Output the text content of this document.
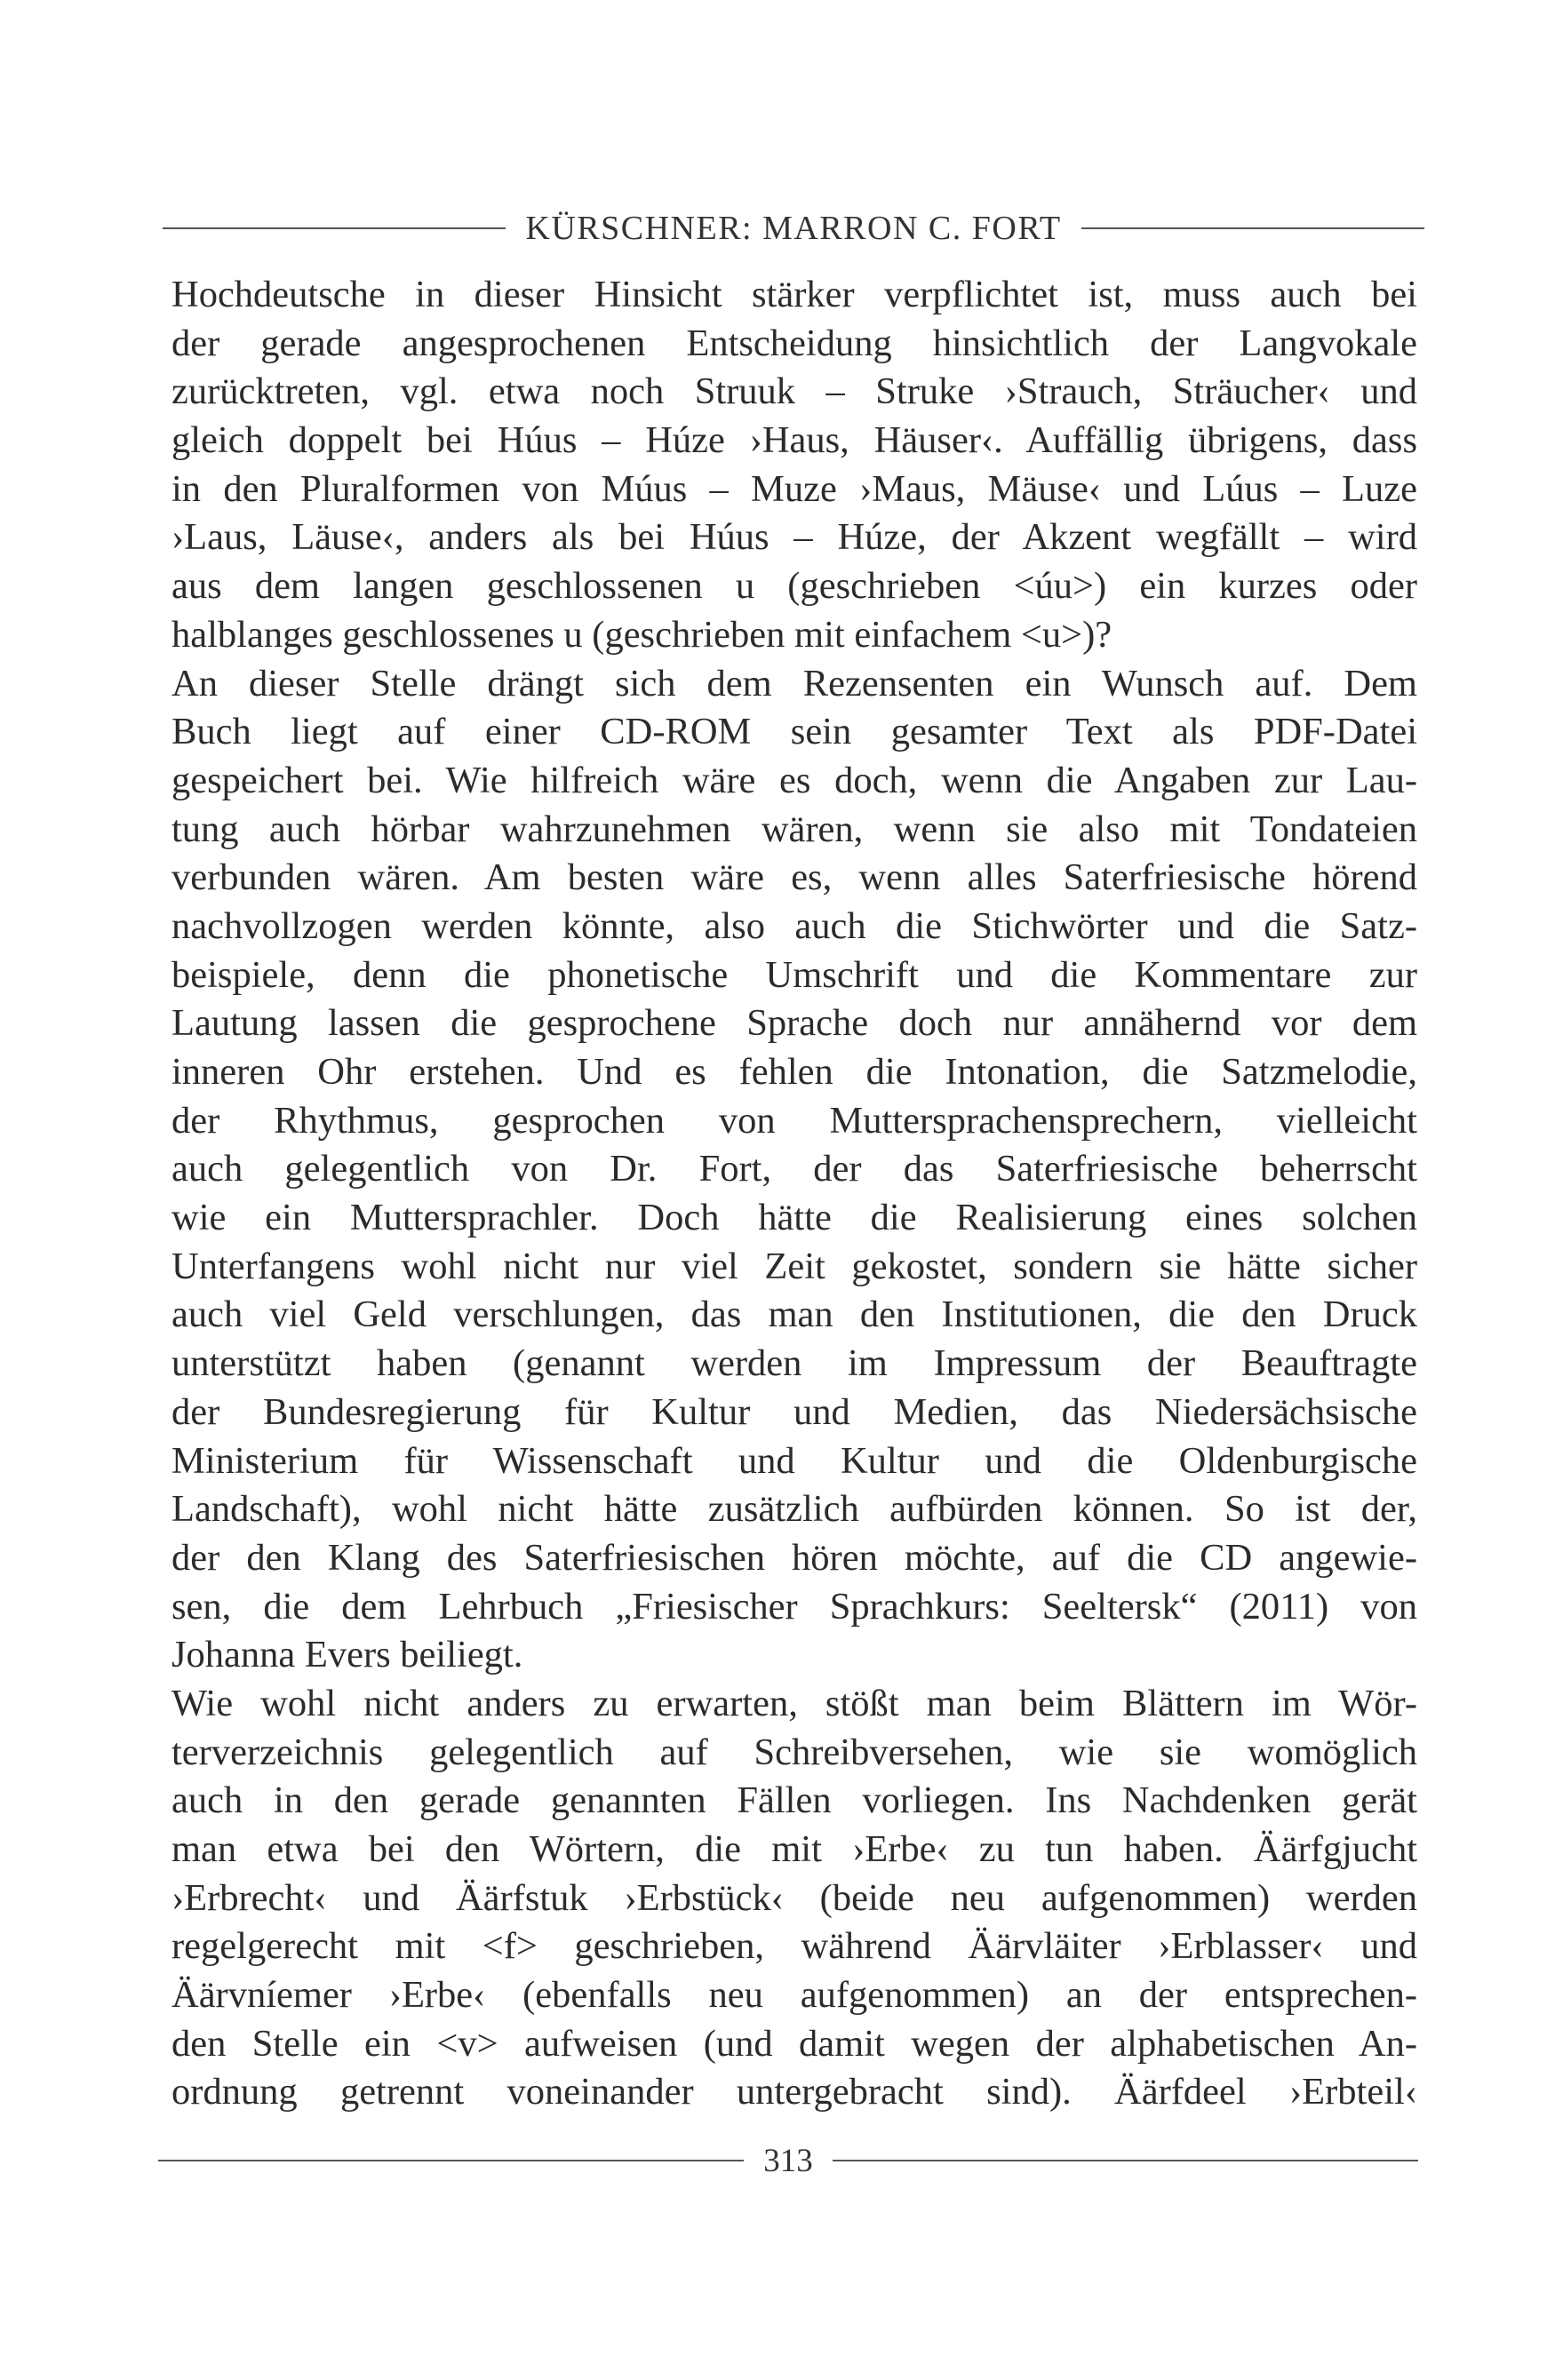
KÜRSCHNER: MARRON C. FORT
Hochdeutsche in dieser Hinsicht stärker verpflichtet ist, muss auch bei
der gerade angesprochenen Entscheidung hinsichtlich der Langvokale
zurücktreten, vgl. etwa noch Struuk – Struke ›Strauch, Sträucher‹ und
gleich doppelt bei Húus – Húze ›Haus, Häuser‹. Auffällig übrigens, dass
in den Pluralformen von Múus – Muze ›Maus, Mäuse‹ und Lúus – Luze
›Laus, Läuse‹, anders als bei Húus – Húze, der Akzent wegfällt – wird
aus dem langen geschlossenen u (geschrieben <úu>) ein kurzes oder
halblanges geschlossenes u (geschrieben mit einfachem <u>)?
An dieser Stelle drängt sich dem Rezensenten ein Wunsch auf. Dem
Buch liegt auf einer CD-ROM sein gesamter Text als PDF-Datei
gespeichert bei. Wie hilfreich wäre es doch, wenn die Angaben zur Lau-
tung auch hörbar wahrzunehmen wären, wenn sie also mit Tondateien
verbunden wären. Am besten wäre es, wenn alles Saterfriesische hörend
nachvollzogen werden könnte, also auch die Stichwörter und die Satz-
beispiele, denn die phonetische Umschrift und die Kommentare zur
Lautung lassen die gesprochene Sprache doch nur annähernd vor dem
inneren Ohr erstehen. Und es fehlen die Intonation, die Satzmelodie,
der Rhythmus, gesprochen von Muttersprachensprechern, vielleicht
auch gelegentlich von Dr. Fort, der das Saterfriesische beherrscht
wie ein Muttersprachler. Doch hätte die Realisierung eines solchen
Unterfangens wohl nicht nur viel Zeit gekostet, sondern sie hätte sicher
auch viel Geld verschlungen, das man den Institutionen, die den Druck
unterstützt haben (genannt werden im Impressum der Beauftragte
der Bundesregierung für Kultur und Medien, das Niedersächsische
Ministerium für Wissenschaft und Kultur und die Oldenburgische
Landschaft), wohl nicht hätte zusätzlich aufbürden können. So ist der,
der den Klang des Saterfriesischen hören möchte, auf die CD angewie-
sen, die dem Lehrbuch „Friesischer Sprachkurs: Seeltersk“ (2011) von
Johanna Evers beiliegt.
Wie wohl nicht anders zu erwarten, stößt man beim Blättern im Wör-
terverzeichnis gelegentlich auf Schreibversehen, wie sie womöglich
auch in den gerade genannten Fällen vorliegen. Ins Nachdenken gerät
man etwa bei den Wörtern, die mit ›Erbe‹ zu tun haben. Äärfgjucht
›Erbrecht‹ und Äärfstuk ›Erbstück‹ (beide neu aufgenommen) werden
regelgerecht mit <f> geschrieben, während Äärvläiter ›Erblasser‹ und
Äärvníemer ›Erbe‹ (ebenfalls neu aufgenommen) an der entsprechen-
den Stelle ein <v> aufweisen (und damit wegen der alphabetischen An-
ordnung getrennt voneinander untergebracht sind). Äärfdeel ›Erbteil‹
313
